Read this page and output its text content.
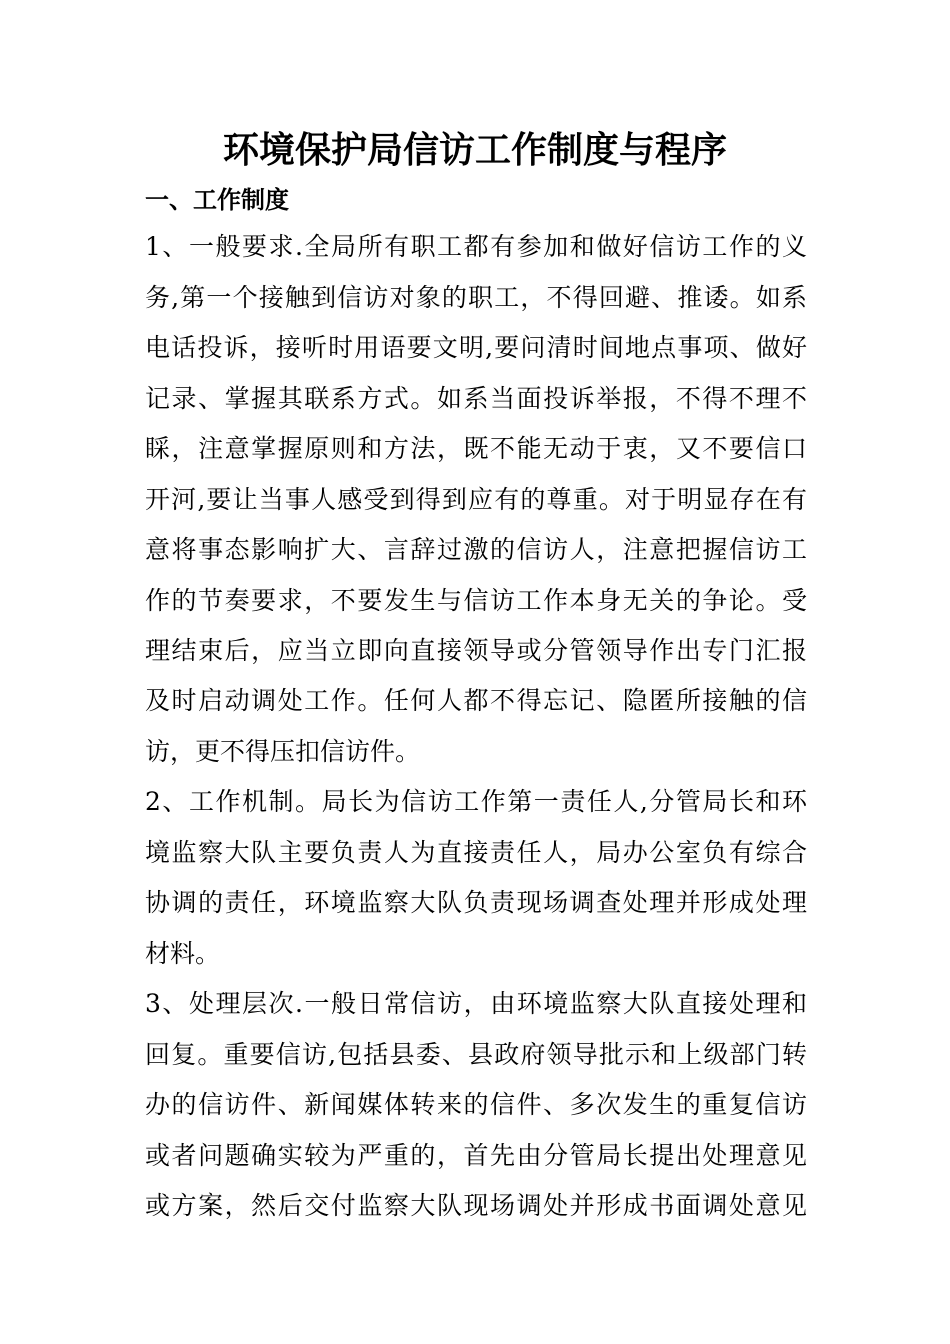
环境保护局信访工作制度与程序
一、工作制度

1、一般要求.全局所有职工都有参加和做好信访工作的义

务,第一个接触到信访对象的职工，不得回避、推诿。如系

电话投诉，接听时用语要文明,要问清时间地点事项、做好

记录、掌握其联系方式。如系当面投诉举报，不得不理不

睬，注意掌握原则和方法，既不能无动于衷，又不要信口

开河,要让当事人感受到得到应有的尊重。对于明显存在有

意将事态影响扩大、言辞过激的信访人，注意把握信访工

作的节奏要求，不要发生与信访工作本身无关的争论。受

理结束后，应当立即向直接领导或分管领导作出专门汇报

及时启动调处工作。任何人都不得忘记、隐匿所接触的信

访，更不得压扣信访件。

2、工作机制。局长为信访工作第一责任人,分管局长和环

境监察大队主要负责人为直接责任人，局办公室负有综合

协调的责任，环境监察大队负责现场调查处理并形成处理

材料。

3、处理层次.一般日常信访，由环境监察大队直接处理和

回复。重要信访,包括县委、县政府领导批示和上级部门转

办的信访件、新闻媒体转来的信件、多次发生的重复信访

或者问题确实较为严重的，首先由分管局长提出处理意见

或方案，然后交付监察大队现场调处并形成书面调处意见
